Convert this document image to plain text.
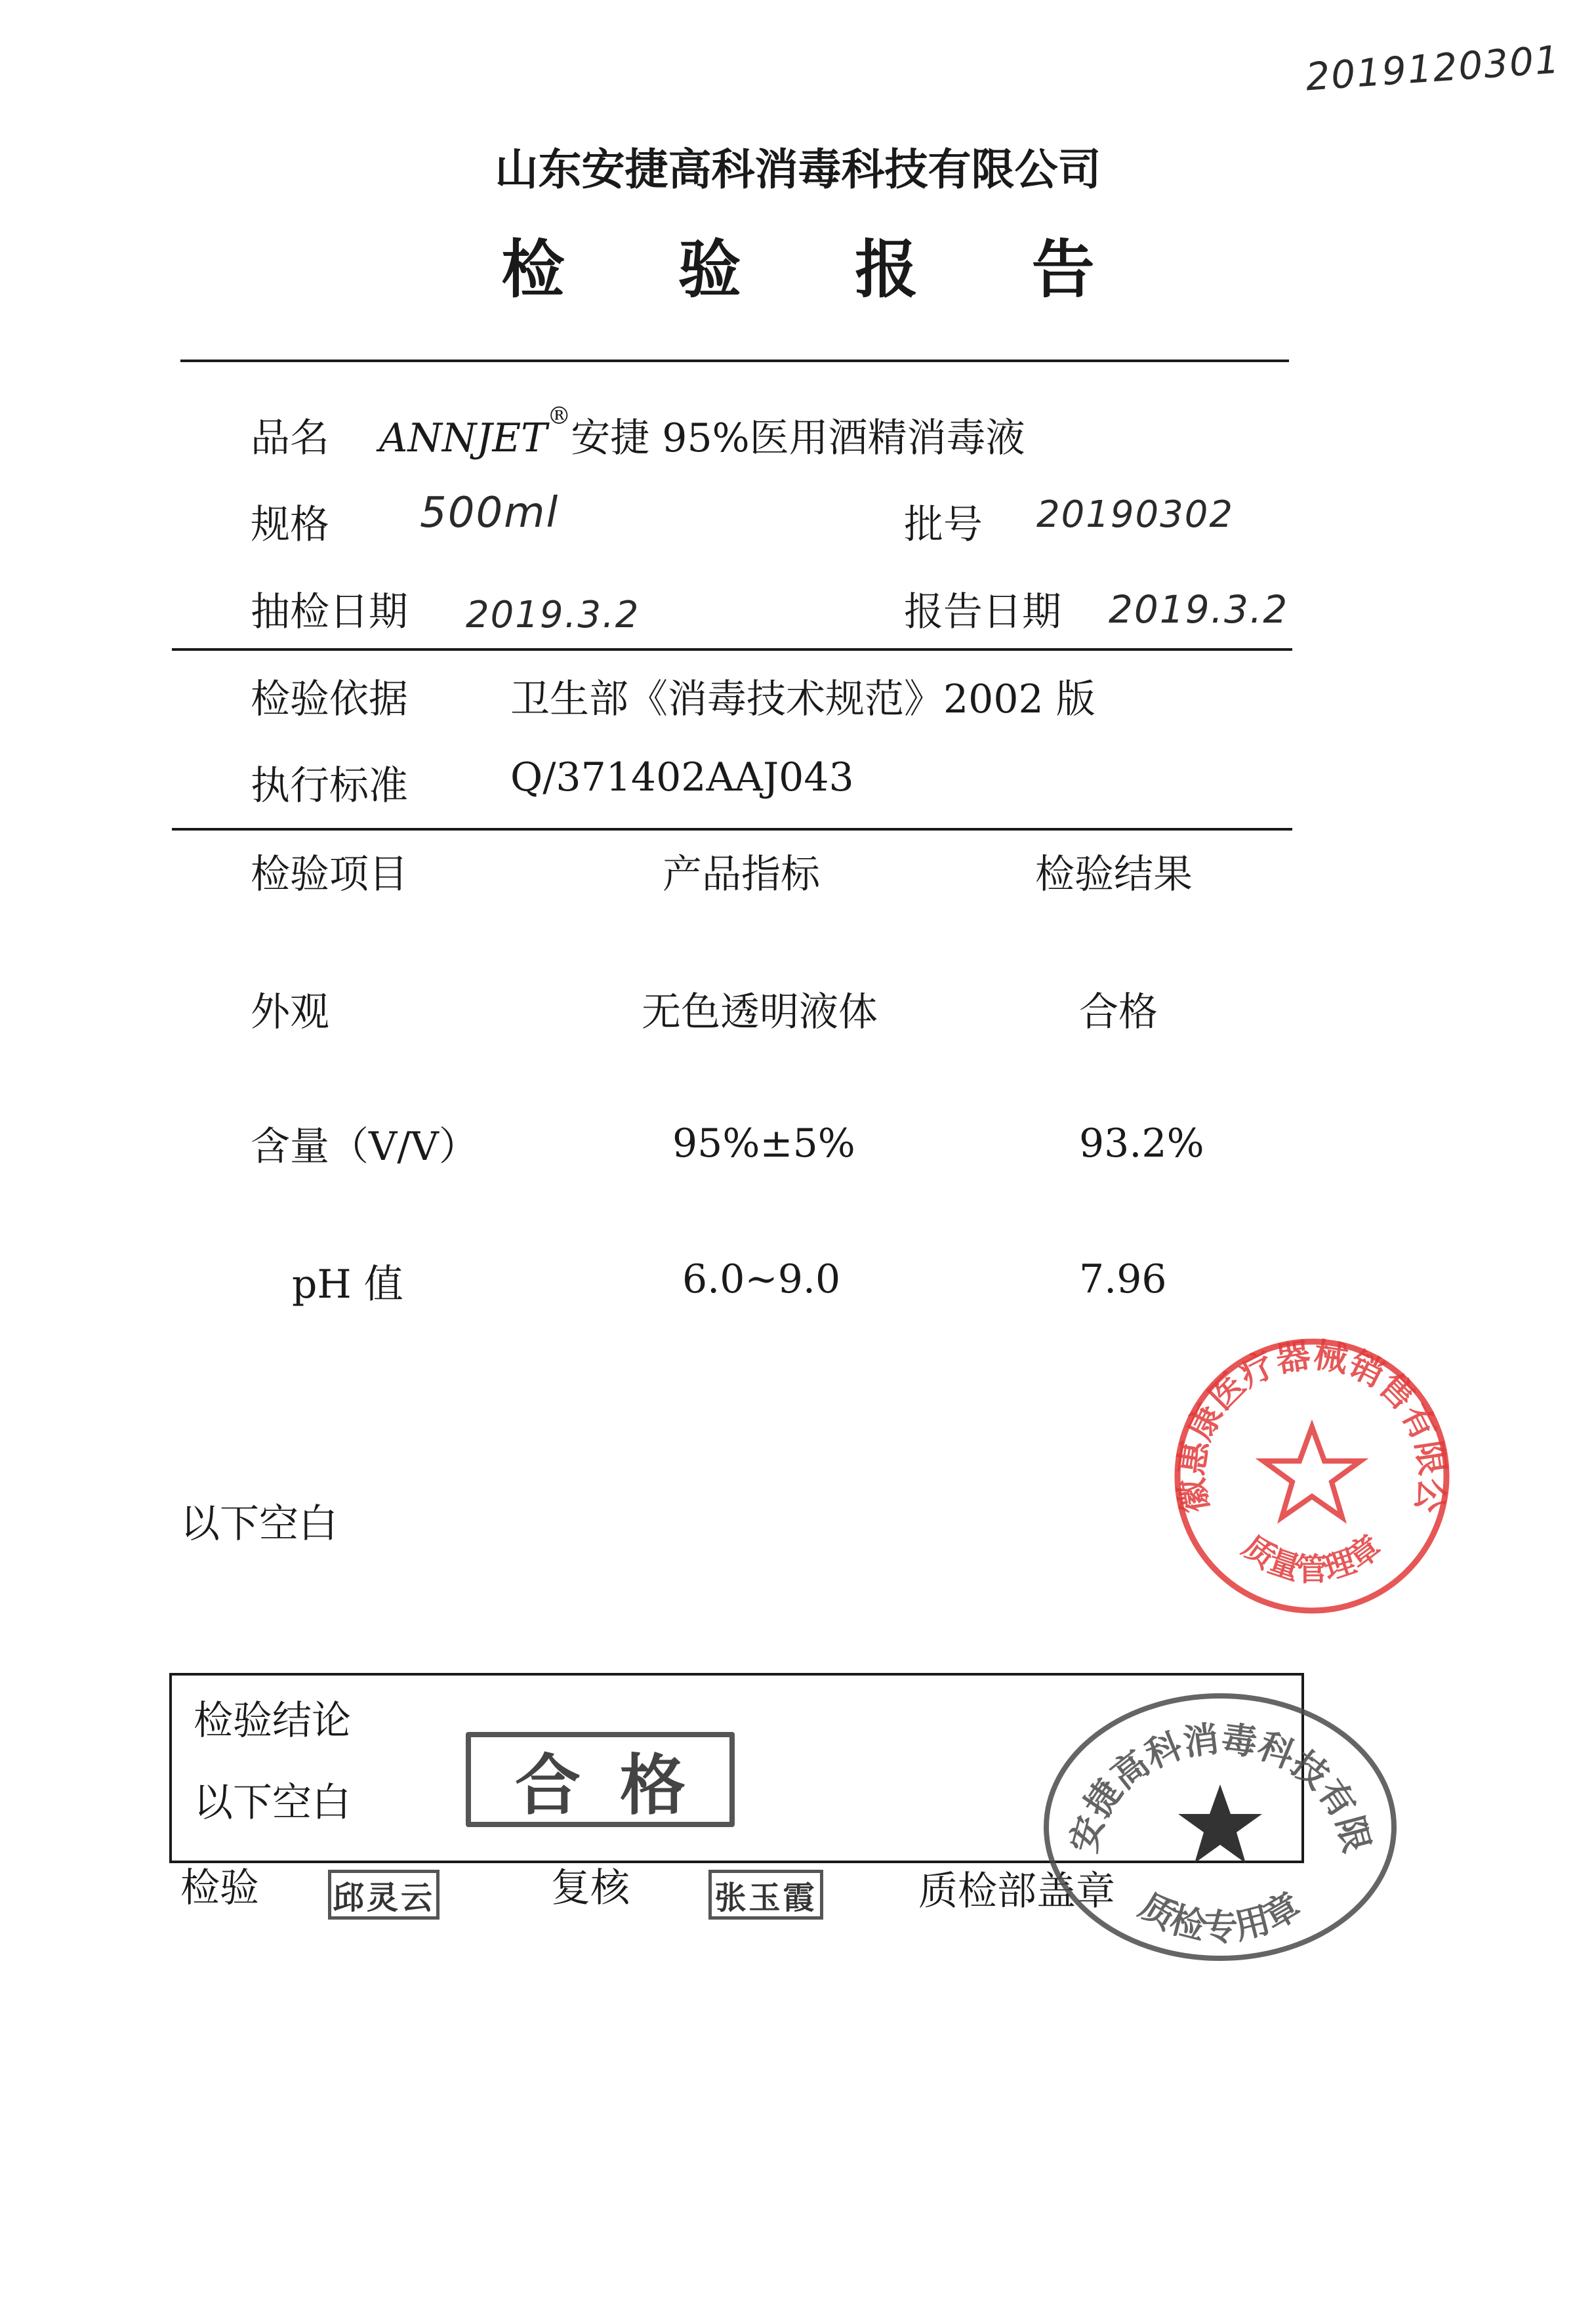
2019120301
山东安捷高科消毒科技有限公司
检 验 报 告
品名 ANNJET®安捷 95%医用酒精消毒液
规格 500ml	批号 20190302
抽检日期 2019.3.2	报告日期 2019.3.2
检验依据	卫生部《消毒技术规范》2002 版
执行标准	Q/371402AAJ043
检验项目	产品指标	检验结果
外观	无色透明液体	合格
含量（V/V）	95%±5%	93.2%
pH 值	6.0~9.0	7.96
以下空白
安徽惠康医疗器械销售有限公司
质量管理章
检验结论
以下空白	合格
检验 邱灵云	复核	张玉霞	质检部盖章
山东安捷高科消毒科技有限公司
质检专用章
